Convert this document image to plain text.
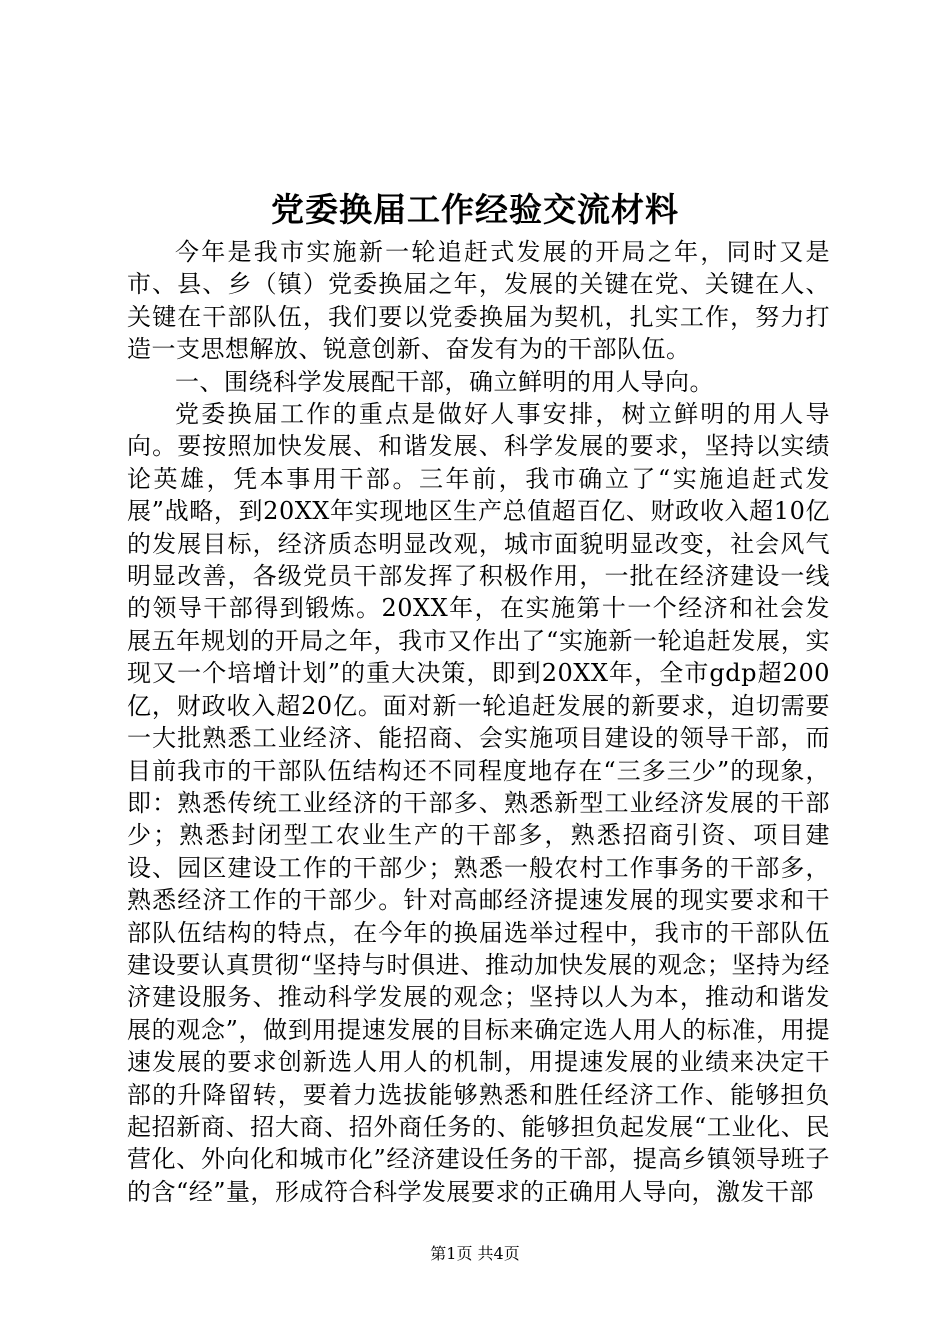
党委换届工作经验交流材料

今年是我市实施新一轮追赶式发展的开局之年，同时又是市、县、乡（镇）党委换届之年，发展的关键在党、关键在人、关键在干部队伍，我们要以党委换届为契机，扎实工作，努力打造一支思想解放、锐意创新、奋发有为的干部队伍。

一、围绕科学发展配干部，确立鲜明的用人导向。

党委换届工作的重点是做好人事安排，树立鲜明的用人导向。要按照加快发展、和谐发展、科学发展的要求，坚持以实绩论英雄，凭本事用干部。三年前，我市确立了“实施追赶式发展”战略，到20XX年实现地区生产总值超百亿、财政收入超10亿的发展目标，经济质态明显改观，城市面貌明显改变，社会风气明显改善，各级党员干部发挥了积极作用，一批在经济建设一线的领导干部得到锻炼。20XX年，在实施第十一个经济和社会发展五年规划的开局之年，我市又作出了“实施新一轮追赶发展，实现又一个培增计划”的重大决策，即到20XX年，全市gdp超200亿，财政收入超20亿。面对新一轮追赶发展的新要求，迫切需要一大批熟悉工业经济、能招商、会实施项目建设的领导干部，而目前我市的干部队伍结构还不同程度地存在“三多三少”的现象，即：熟悉传统工业经济的干部多、熟悉新型工业经济发展的干部少；熟悉封闭型工农业生产的干部多，熟悉招商引资、项目建设、园区建设工作的干部少；熟悉一般农村工作事务的干部多，熟悉经济工作的干部少。针对高邮经济提速发展的现实要求和干部队伍结构的特点，在今年的换届选举过程中，我市的干部队伍建设要认真贯彻“坚持与时俱进、推动加快发展的观念；坚持为经济建设服务、推动科学发展的观念；坚持以人为本，推动和谐发展的观念”，做到用提速发展的目标来确定选人用人的标准，用提速发展的要求创新选人用人的机制，用提速发展的业绩来决定干部的升降留转，要着力选拔能够熟悉和胜任经济工作、能够担负起招新商、招大商、招外商任务的、能够担负起发展“工业化、民营化、外向化和城市化”经济建设任务的干部，提高乡镇领导班子的含“经”量，形成符合科学发展要求的正确用人导向，激发干部

第1页 共4页
